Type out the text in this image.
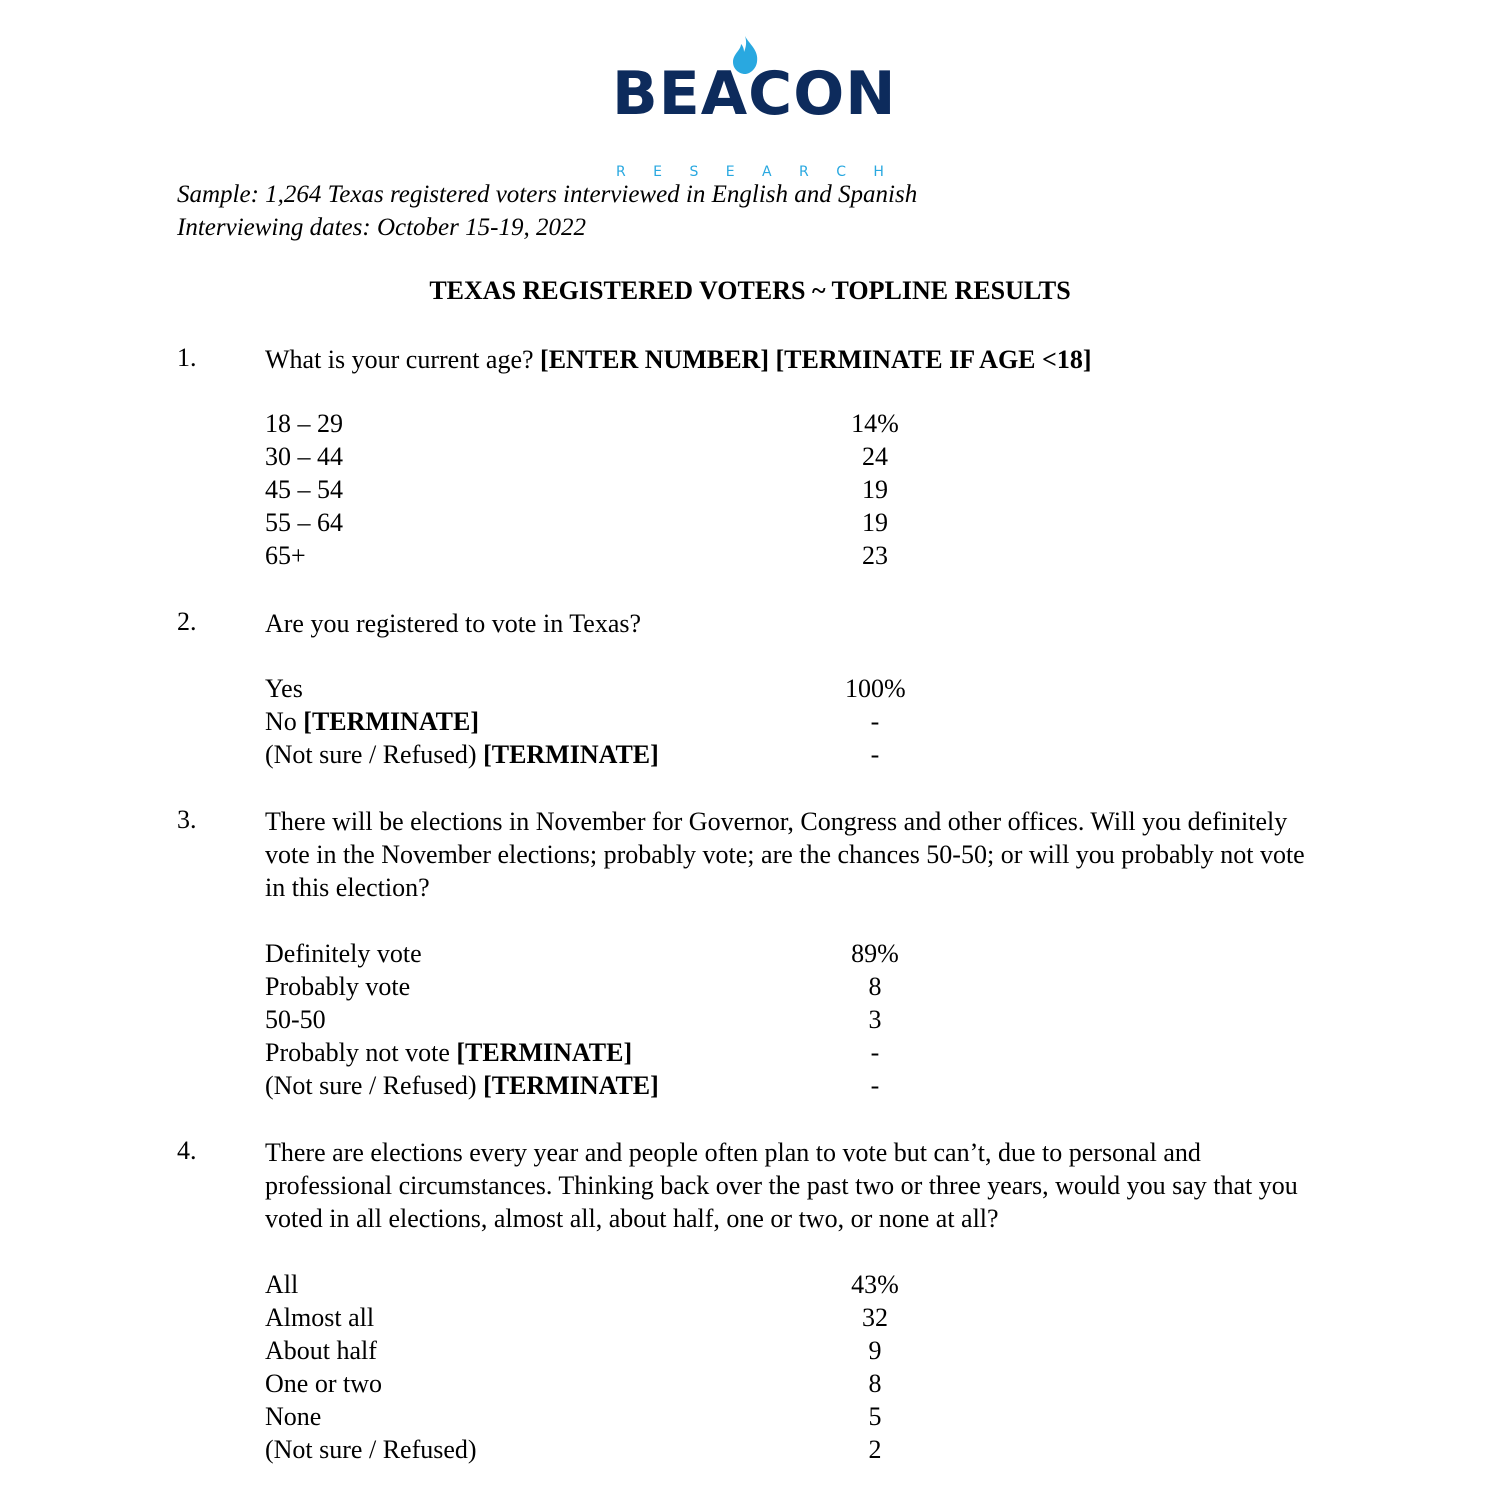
BEACON
R E S E A R C H
Sample: 1,264 Texas registered voters interviewed in English and Spanish
Interviewing dates: October 15-19, 2022
TEXAS REGISTERED VOTERS ~ TOPLINE RESULTS
1.	What is your current age? [ENTER NUMBER] [TERMINATE IF AGE <18]
18 – 29	14%
30 – 44	24
45 – 54	19
55 – 64	19
65+	23
2.	Are you registered to vote in Texas?
Yes	100%
No [TERMINATE]	-
(Not sure / Refused) [TERMINATE]	-
3.	There will be elections in November for Governor, Congress and other offices. Will you definitely vote in the November elections; probably vote; are the chances 50-50; or will you probably not vote in this election?
Definitely vote	89%
Probably vote	8
50-50	3
Probably not vote [TERMINATE]	-
(Not sure / Refused) [TERMINATE]	-
4.	There are elections every year and people often plan to vote but can’t, due to personal and professional circumstances. Thinking back over the past two or three years, would you say that you voted in all elections, almost all, about half, one or two, or none at all?
All	43%
Almost all	32
About half	9
One or two	8
None	5
(Not sure / Refused)	2
